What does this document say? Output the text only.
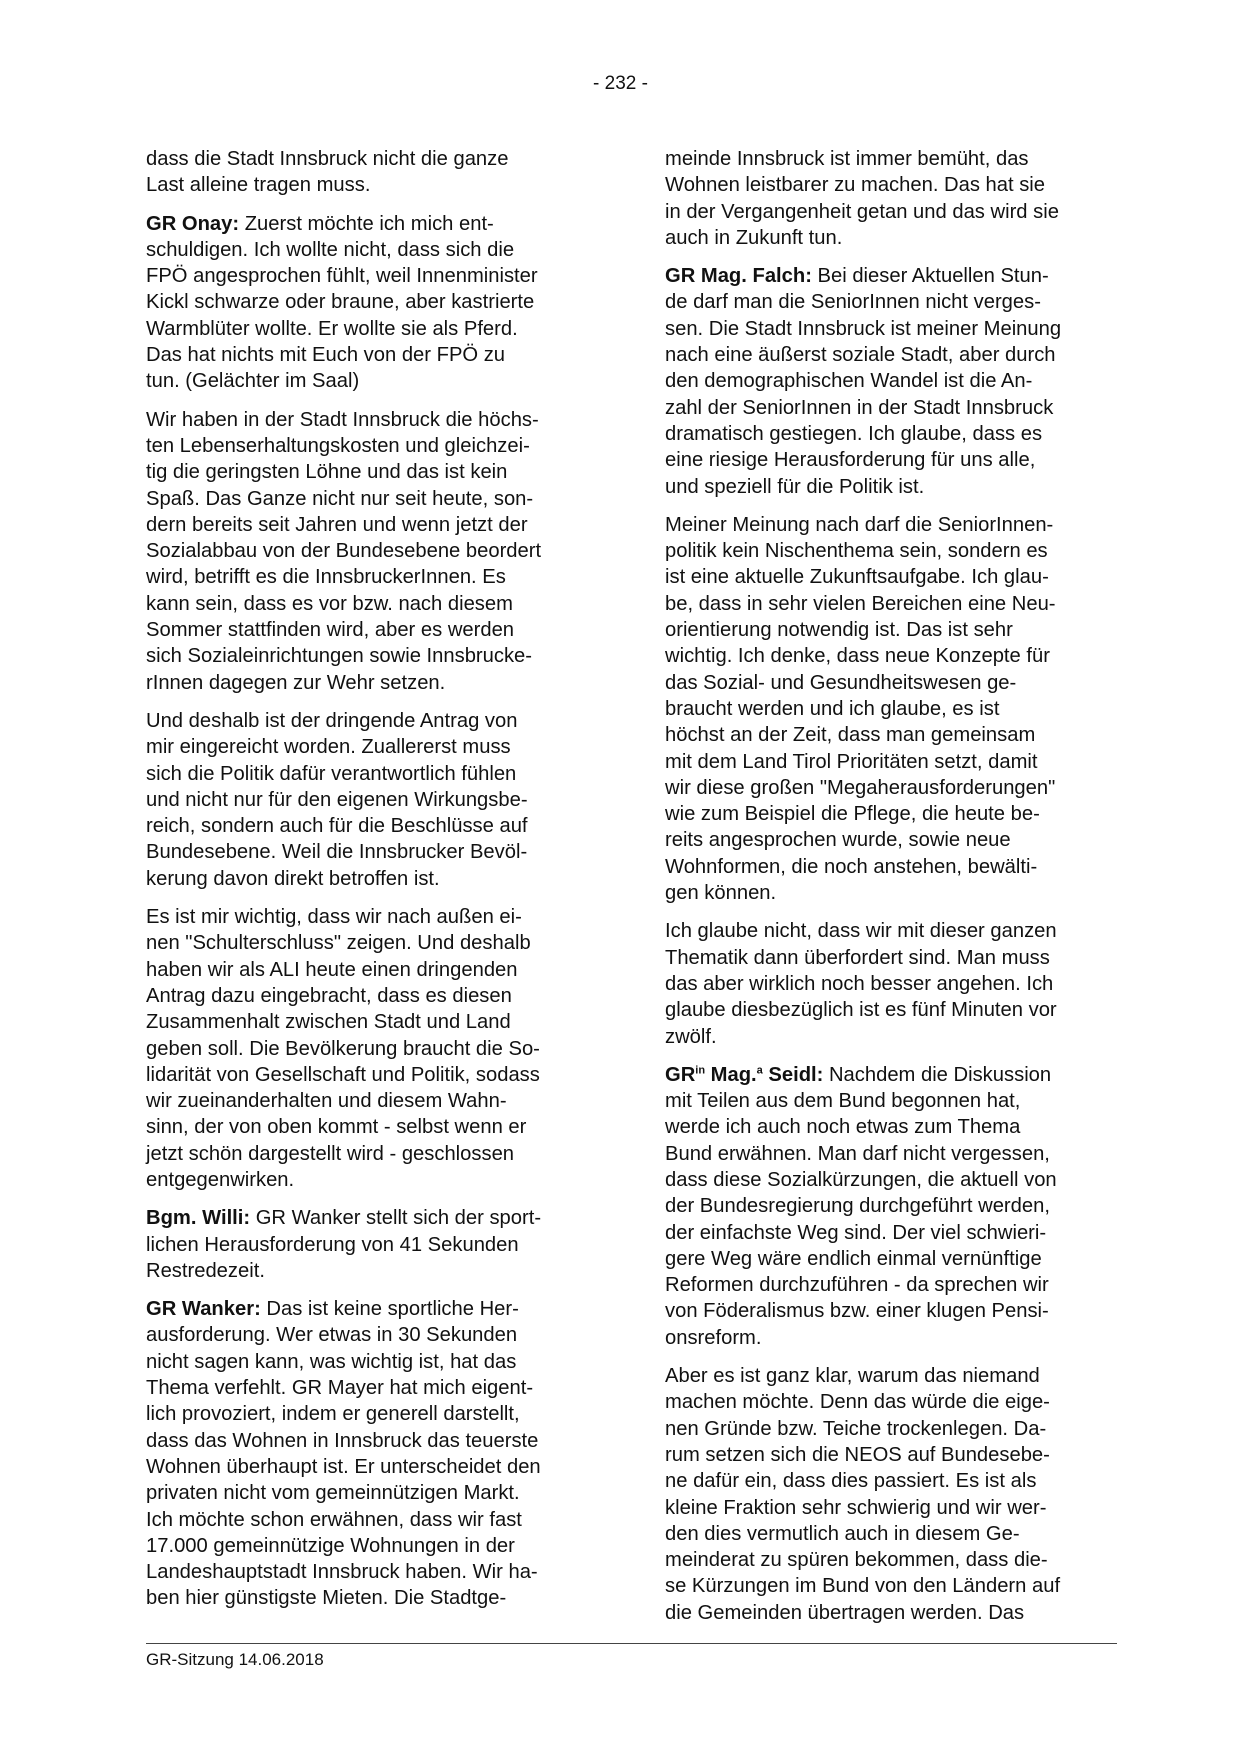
- 232 -
dass die Stadt Innsbruck nicht die ganze
Last alleine tragen muss.
GR Onay: Zuerst möchte ich mich ent-
schuldigen. Ich wollte nicht, dass sich die
FPÖ angesprochen fühlt, weil Innenminister
Kickl schwarze oder braune, aber kastrierte
Warmblüter wollte. Er wollte sie als Pferd.
Das hat nichts mit Euch von der FPÖ zu
tun. (Gelächter im Saal)
Wir haben in der Stadt Innsbruck die höchs-
ten Lebenserhaltungskosten und gleichzei-
tig die geringsten Löhne und das ist kein
Spaß. Das Ganze nicht nur seit heute, son-
dern bereits seit Jahren und wenn jetzt der
Sozialabbau von der Bundesebene beordert
wird, betrifft es die InnsbruckerInnen. Es
kann sein, dass es vor bzw. nach diesem
Sommer stattfinden wird, aber es werden
sich Sozialeinrichtungen sowie Innsbrucke-
rInnen dagegen zur Wehr setzen.
Und deshalb ist der dringende Antrag von
mir eingereicht worden. Zuallererst muss
sich die Politik dafür verantwortlich fühlen
und nicht nur für den eigenen Wirkungsbe-
reich, sondern auch für die Beschlüsse auf
Bundesebene. Weil die Innsbrucker Bevöl-
kerung davon direkt betroffen ist.
Es ist mir wichtig, dass wir nach außen ei-
nen "Schulterschluss" zeigen. Und deshalb
haben wir als ALI heute einen dringenden
Antrag dazu eingebracht, dass es diesen
Zusammenhalt zwischen Stadt und Land
geben soll. Die Bevölkerung braucht die So-
lidarität von Gesellschaft und Politik, sodass
wir zueinanderhalten und diesem Wahn-
sinn, der von oben kommt - selbst wenn er
jetzt schön dargestellt wird - geschlossen
entgegenwirken.
Bgm. Willi: GR Wanker stellt sich der sport-
lichen Herausforderung von 41 Sekunden
Restredezeit.
GR Wanker: Das ist keine sportliche Her-
ausforderung. Wer etwas in 30 Sekunden
nicht sagen kann, was wichtig ist, hat das
Thema verfehlt. GR Mayer hat mich eigent-
lich provoziert, indem er generell darstellt,
dass das Wohnen in Innsbruck das teuerste
Wohnen überhaupt ist. Er unterscheidet den
privaten nicht vom gemeinnützigen Markt.
Ich möchte schon erwähnen, dass wir fast
17.000 gemeinnützige Wohnungen in der
Landeshauptstadt Innsbruck haben. Wir ha-
ben hier günstigste Mieten. Die Stadtge-
meinde Innsbruck ist immer bemüht, das
Wohnen leistbarer zu machen. Das hat sie
in der Vergangenheit getan und das wird sie
auch in Zukunft tun.
GR Mag. Falch: Bei dieser Aktuellen Stun-
de darf man die SeniorInnen nicht verges-
sen. Die Stadt Innsbruck ist meiner Meinung
nach eine äußerst soziale Stadt, aber durch
den demographischen Wandel ist die An-
zahl der SeniorInnen in der Stadt Innsbruck
dramatisch gestiegen. Ich glaube, dass es
eine riesige Herausforderung für uns alle,
und speziell für die Politik ist.
Meiner Meinung nach darf die SeniorInnen-
politik kein Nischenthema sein, sondern es
ist eine aktuelle Zukunftsaufgabe. Ich glau-
be, dass in sehr vielen Bereichen eine Neu-
orientierung notwendig ist. Das ist sehr
wichtig. Ich denke, dass neue Konzepte für
das Sozial- und Gesundheitswesen ge-
braucht werden und ich glaube, es ist
höchst an der Zeit, dass man gemeinsam
mit dem Land Tirol Prioritäten setzt, damit
wir diese großen "Megaherausforderungen"
wie zum Beispiel die Pflege, die heute be-
reits angesprochen wurde, sowie neue
Wohnformen, die noch anstehen, bewälti-
gen können.
Ich glaube nicht, dass wir mit dieser ganzen
Thematik dann überfordert sind. Man muss
das aber wirklich noch besser angehen. Ich
glaube diesbezüglich ist es fünf Minuten vor
zwölf.
$GR^{in}$ Mag.$^a$ Seidl: Nachdem die Diskussion
mit Teilen aus dem Bund begonnen hat,
werde ich auch noch etwas zum Thema
Bund erwähnen. Man darf nicht vergessen,
dass diese Sozialkürzungen, die aktuell von
der Bundesregierung durchgeführt werden,
der einfachste Weg sind. Der viel schwieri-
gere Weg wäre endlich einmal vernünftige
Reformen durchzuführen - da sprechen wir
von Föderalismus bzw. einer klugen Pensi-
onsreform.
Aber es ist ganz klar, warum das niemand
machen möchte. Denn das würde die eige-
nen Gründe bzw. Teiche trockenlegen. Da-
rum setzen sich die NEOS auf Bundesebe-
ne dafür ein, dass dies passiert. Es ist als
kleine Fraktion sehr schwierig und wir wer-
den dies vermutlich auch in diesem Ge-
meinderat zu spüren bekommen, dass die-
se Kürzungen im Bund von den Ländern auf
die Gemeinden übertragen werden. Das
GR-Sitzung 14.06.2018
